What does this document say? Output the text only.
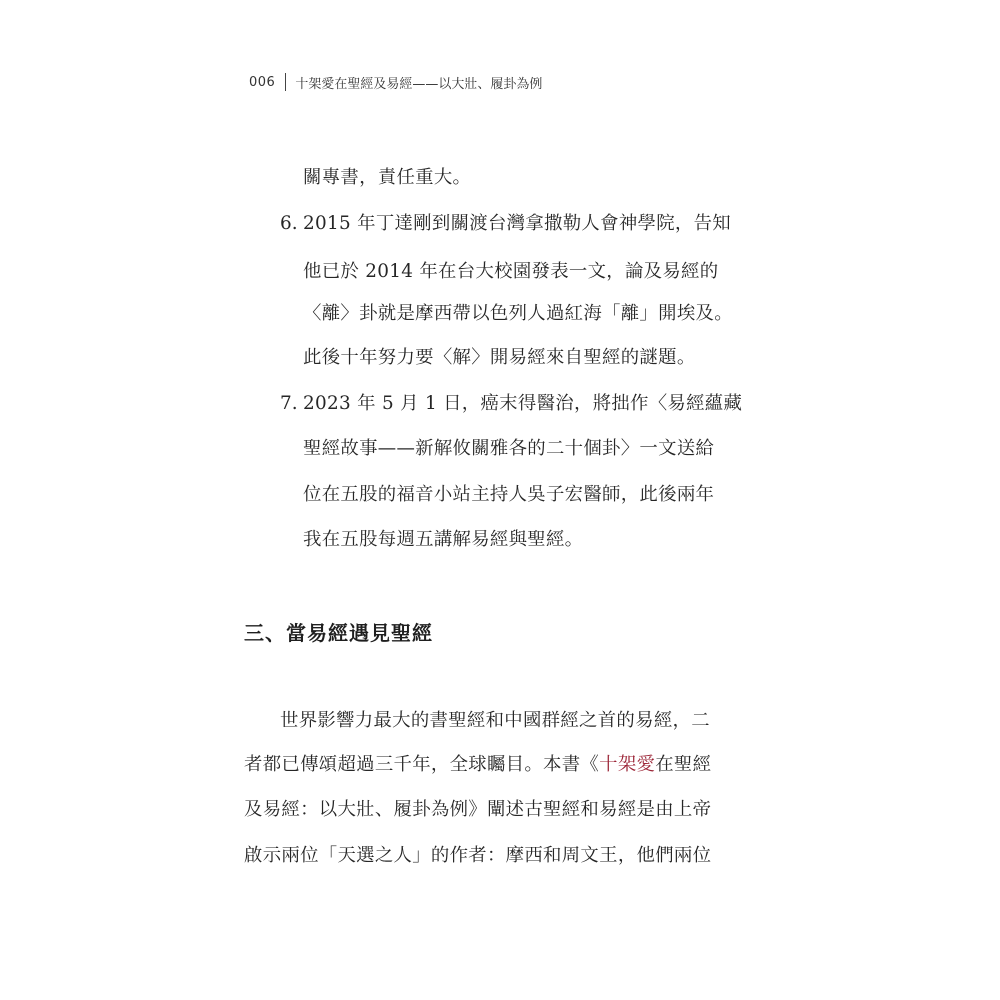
006 十架愛在聖經及易經——以大壯、履卦為例
關專書，責任重大。
6. 2015 年丁達剛到關渡台灣拿撒勒人會神學院，告知
他已於 2014 年在台大校園發表一文，論及易經的
〈離〉卦就是摩西帶以色列人過紅海「離」開埃及。
此後十年努力要〈解〉開易經來自聖經的謎題。
7. 2023 年 5 月 1 日，癌末得醫治，將拙作〈易經蘊藏
聖經故事——新解攸關雅各的二十個卦〉一文送給
位在五股的福音小站主持人吳子宏醫師，此後兩年
我在五股每週五講解易經與聖經。
三、當易經遇見聖經
世界影響力最大的書聖經和中國群經之首的易經，二
者都已傳頌超過三千年，全球矚目。本書《十架愛在聖經
及易經：以大壯、履卦為例》闡述古聖經和易經是由上帝
啟示兩位「天選之人」的作者：摩西和周文王，他們兩位
